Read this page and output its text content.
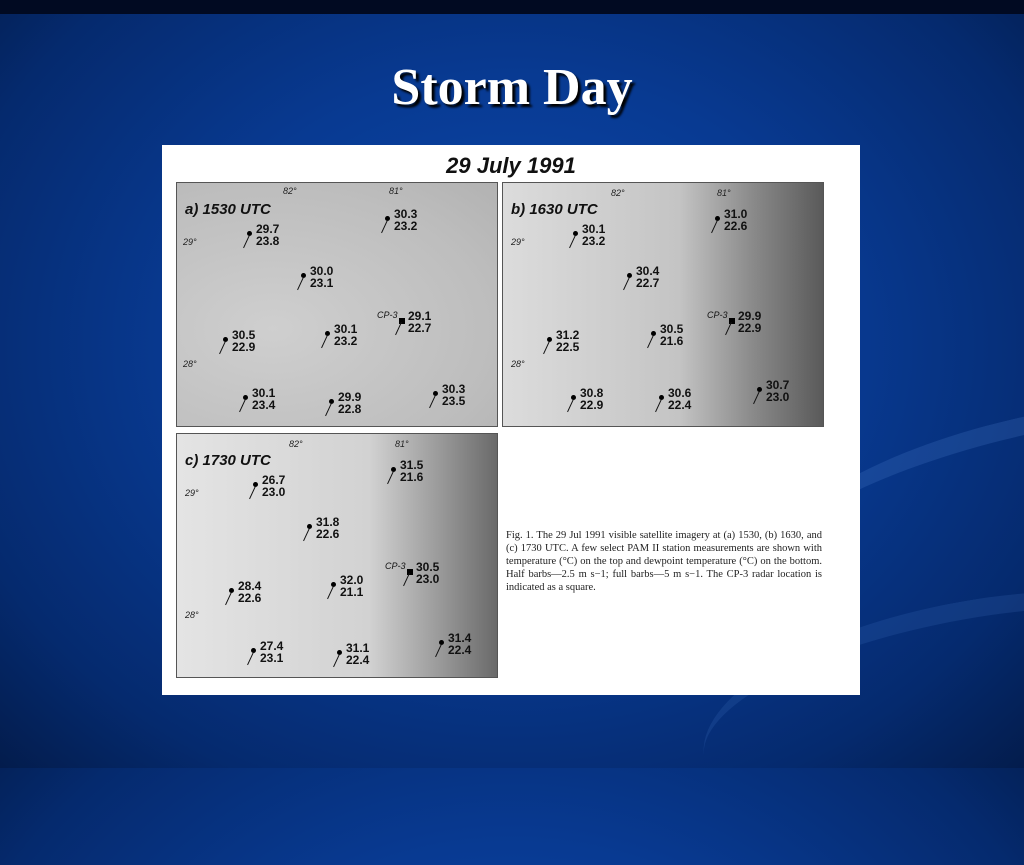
Storm Day
29 July 1991
a) 1530 UTC
82°	81°
29°
28°
29.7
23.8
30.3
23.2
30.0
23.1
CP-3 29.1
22.7
30.5
22.9
30.1
23.2
30.1
23.4
29.9
22.8
30.3
23.5
b) 1630 UTC
82°	81°
29°
28°
30.1
23.2
31.0
22.6
30.4
22.7
CP-3 29.9
22.9
31.2
22.5
30.5
21.6
30.8
22.9
30.6
22.4
30.7
23.0
c) 1730 UTC
82°	81°
29°
28°
26.7
23.0
31.5
21.6
31.8
22.6
CP-3 30.5
23.0
28.4
22.6
32.0
21.1
27.4
23.1
31.1
22.4
31.4
22.4
Fig. 1. The 29 Jul 1991 visible satellite imagery at (a) 1530, (b) 1630, and (c) 1730 UTC. A few select PAM II station measurements are shown with temperature (°C) on the top and dewpoint temperature (°C) on the bottom. Half barbs—2.5 m s−1; full barbs—5 m s−1. The CP-3 radar location is indicated as a square.
